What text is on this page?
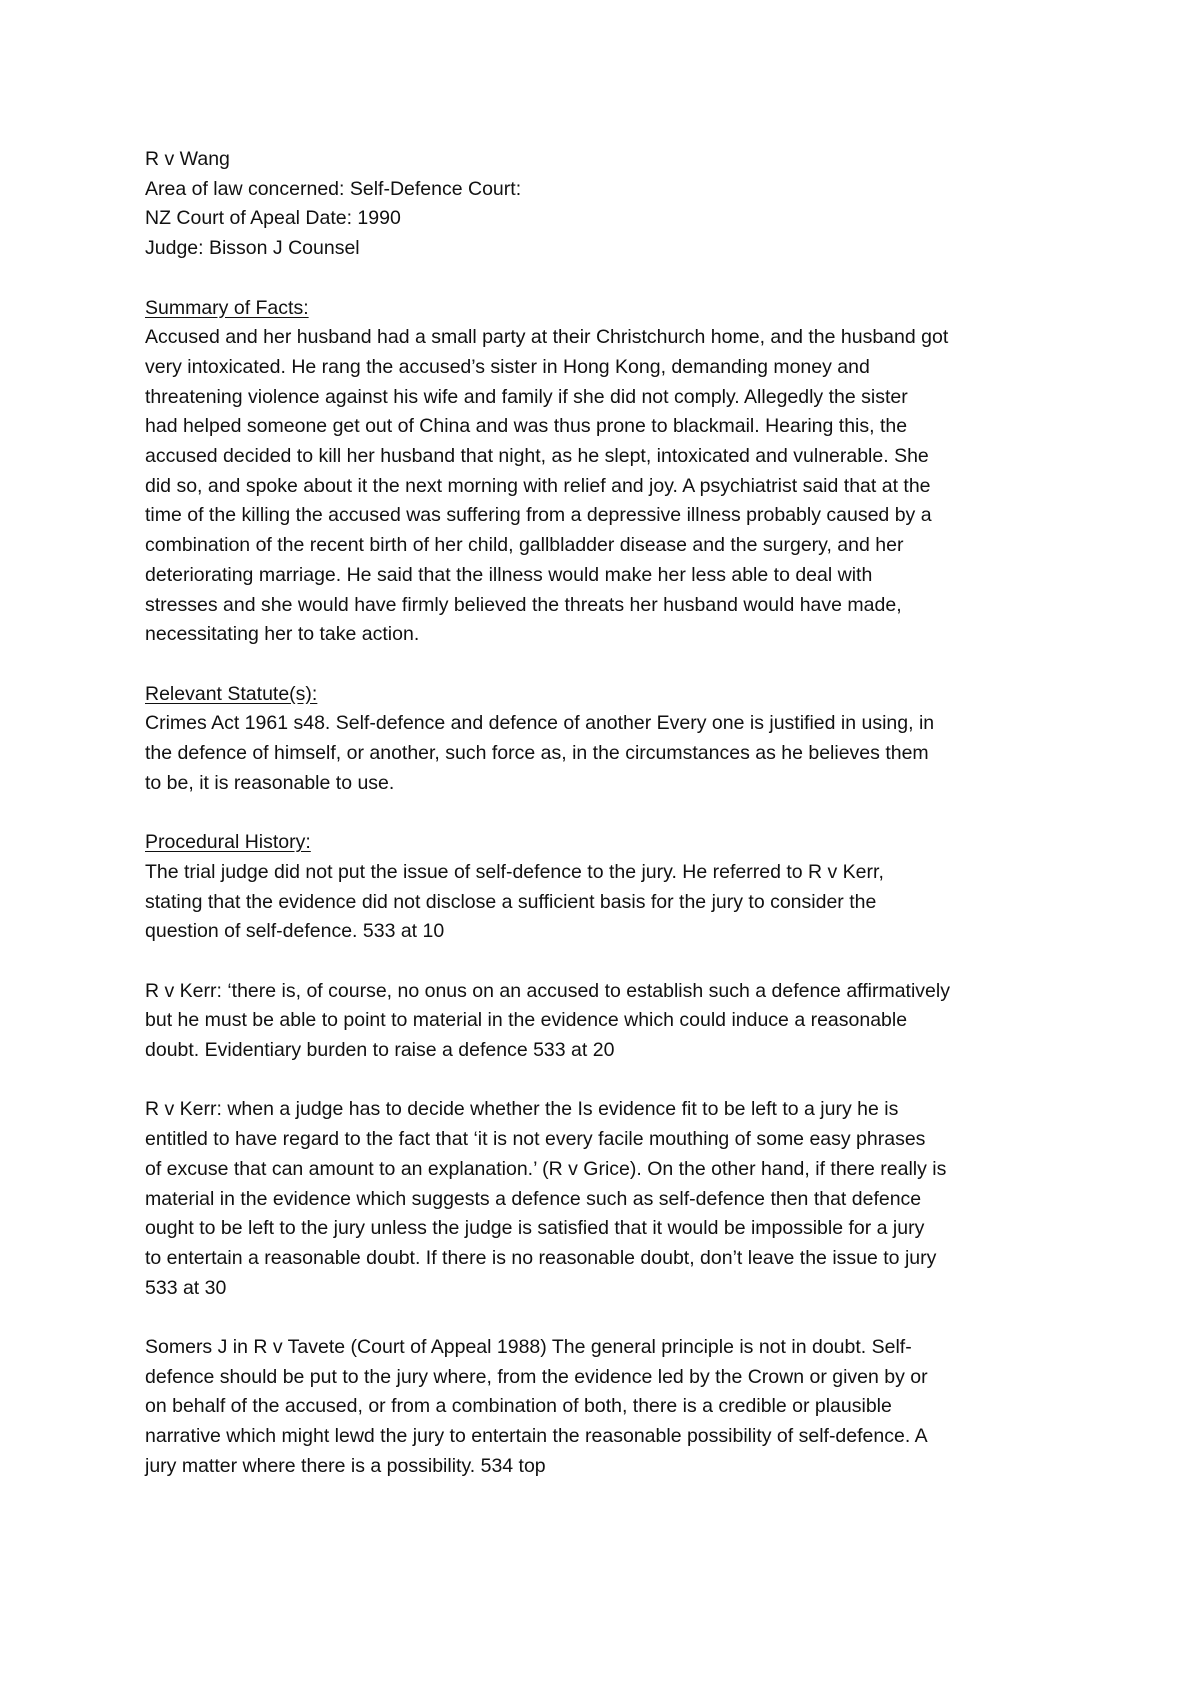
R v Wang
Area of law concerned: Self-Defence Court:
NZ Court of Apeal Date: 1990
Judge: Bisson J Counsel
Summary of Facts:

Accused and her husband had a small party at their Christchurch home, and the husband got
very intoxicated. He rang the accused’s sister in Hong Kong, demanding money and
threatening violence against his wife and family if she did not comply. Allegedly the sister
had helped someone get out of China and was thus prone to blackmail. Hearing this, the
accused decided to kill her husband that night, as he slept, intoxicated and vulnerable. She
did so, and spoke about it the next morning with relief and joy. A psychiatrist said that at the
time of the killing the accused was suffering from a depressive illness probably caused by a
combination of the recent birth of her child, gallbladder disease and the surgery, and her
deteriorating marriage. He said that the illness would make her less able to deal with
stresses and she would have firmly believed the threats her husband would have made,
necessitating her to take action.

Relevant Statute(s):

Crimes Act 1961 s48. Self-defence and defence of another Every one is justified in using, in
the defence of himself, or another, such force as, in the circumstances as he believes them
to be, it is reasonable to use.

Procedural History:

The trial judge did not put the issue of self-defence to the jury. He referred to R v Kerr,
stating that the evidence did not disclose a sufficient basis for the jury to consider the
question of self-defence. 533 at 10

R v Kerr: ‘there is, of course, no onus on an accused to establish such a defence affirmatively
but he must be able to point to material in the evidence which could induce a reasonable
doubt. Evidentiary burden to raise a defence 533 at 20

R v Kerr: when a judge has to decide whether the Is evidence fit to be left to a jury he is
entitled to have regard to the fact that ‘it is not every facile mouthing of some easy phrases
of excuse that can amount to an explanation.’ (R v Grice). On the other hand, if there really is
material in the evidence which suggests a defence such as self-defence then that defence
ought to be left to the jury unless the judge is satisfied that it would be impossible for a jury
to entertain a reasonable doubt. If there is no reasonable doubt, don’t leave the issue to jury
533 at 30

Somers J in R v Tavete (Court of Appeal 1988) The general principle is not in doubt. Self-
defence should be put to the jury where, from the evidence led by the Crown or given by or
on behalf of the accused, or from a combination of both, there is a credible or plausible
narrative which might lewd the jury to entertain the reasonable possibility of self-defence. A
jury matter where there is a possibility. 534 top
